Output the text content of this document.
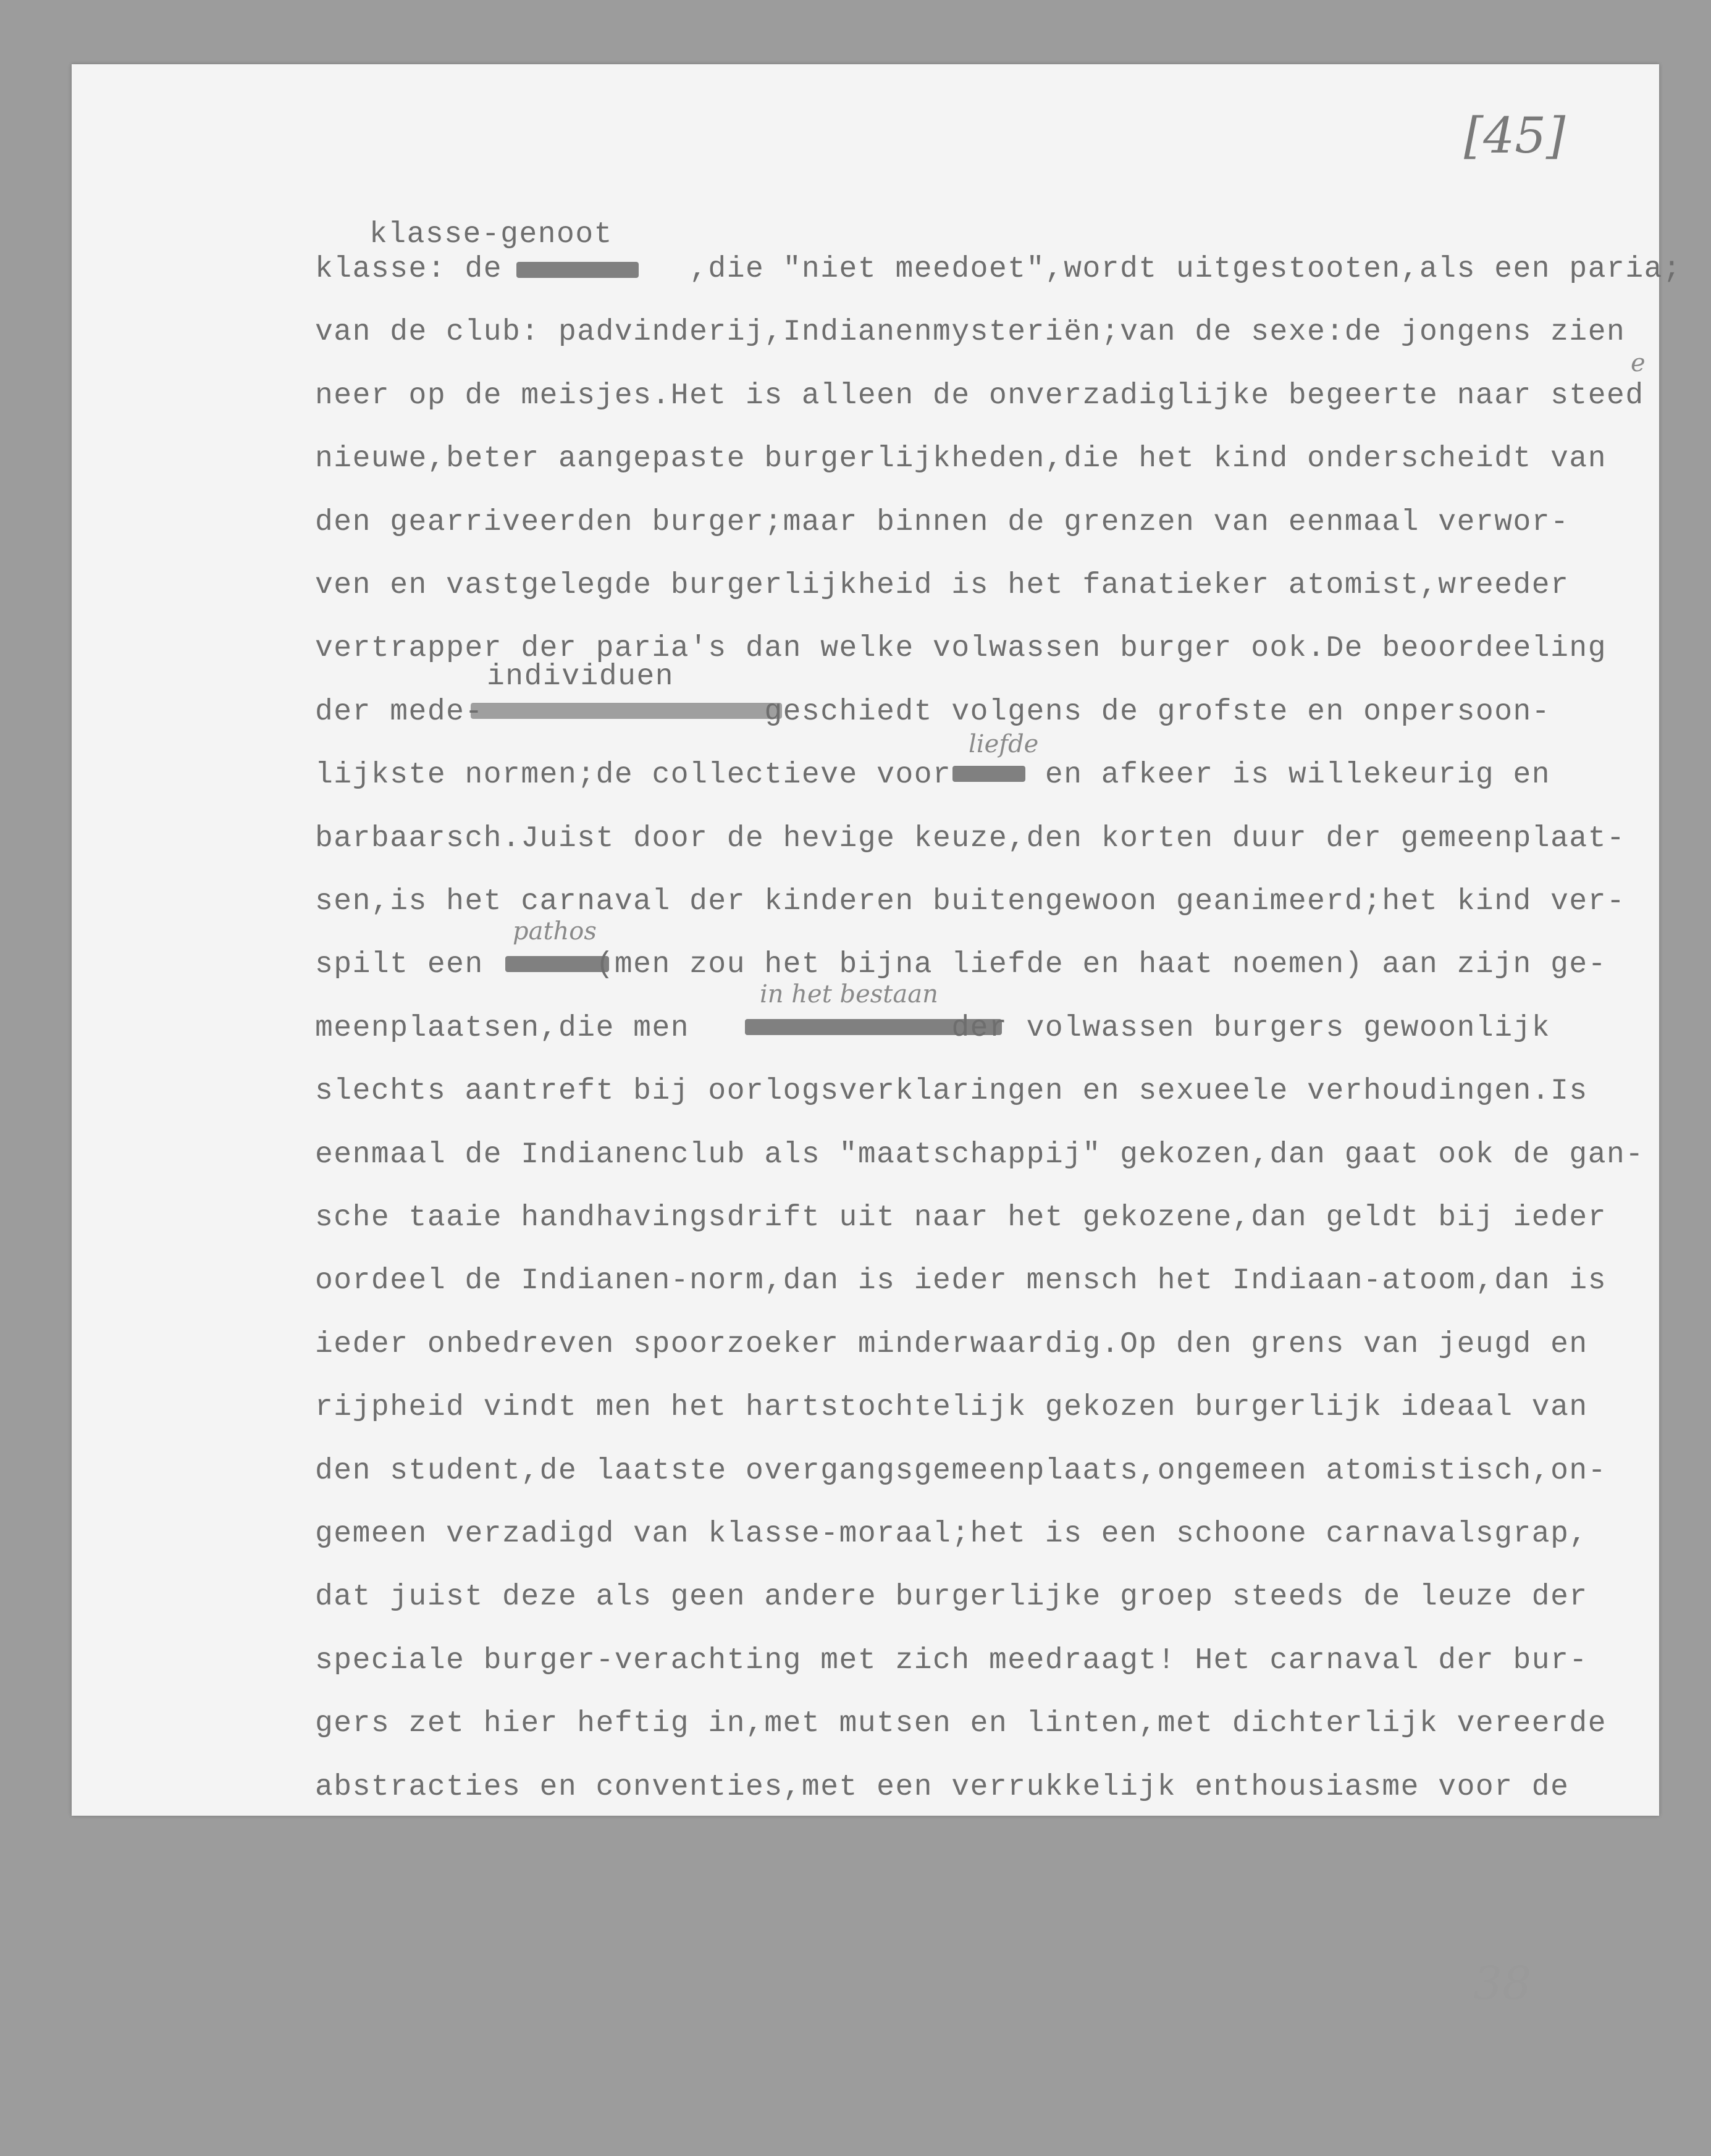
[45]
38
e
klasse-genoot
individuen
liefde
pathos
in het bestaan
klasse: de          ,die "niet meedoet",wordt uitgestooten,als een paria;
van de club: padvinderij,Indianenmysteriën;van de sexe:de jongens zien
neer op de meisjes.Het is alleen de onverzadiglijke begeerte naar steed
nieuwe,beter aangepaste burgerlijkheden,die het kind onderscheidt van
den gearriveerden burger;maar binnen de grenzen van eenmaal verwor-
ven en vastgelegde burgerlijkheid is het fanatieker atomist,wreeder
vertrapper der paria's dan welke volwassen burger ook.De beoordeeling
der mede-               geschiedt volgens de grofste en onpersoon-
lijkste normen;de collectieve voor     en afkeer is willekeurig en
barbaarsch.Juist door de hevige keuze,den korten duur der gemeenplaat-
sen,is het carnaval der kinderen buitengewoon geanimeerd;het kind ver-
spilt een      (men zou het bijna liefde en haat noemen) aan zijn ge-
meenplaatsen,die men              der volwassen burgers gewoonlijk
slechts aantreft bij oorlogsverklaringen en sexueele verhoudingen.Is
eenmaal de Indianenclub als "maatschappij" gekozen,dan gaat ook de gan-
sche taaie handhavingsdrift uit naar het gekozene,dan geldt bij ieder
oordeel de Indianen-norm,dan is ieder mensch het Indiaan-atoom,dan is
ieder onbedreven spoorzoeker minderwaardig.Op den grens van jeugd en
rijpheid vindt men het hartstochtelijk gekozen burgerlijk ideaal van
den student,de laatste overgangsgemeenplaats,ongemeen atomistisch,on-
gemeen verzadigd van klasse-moraal;het is een schoone carnavalsgrap,
dat juist deze als geen andere burgerlijke groep steeds de leuze der
speciale burger-verachting met zich meedraagt! Het carnaval der bur-
gers zet hier heftig in,met mutsen en linten,met dichterlijk vereerde
abstracties en conventies,met een verrukkelijk enthousiasme voor de
